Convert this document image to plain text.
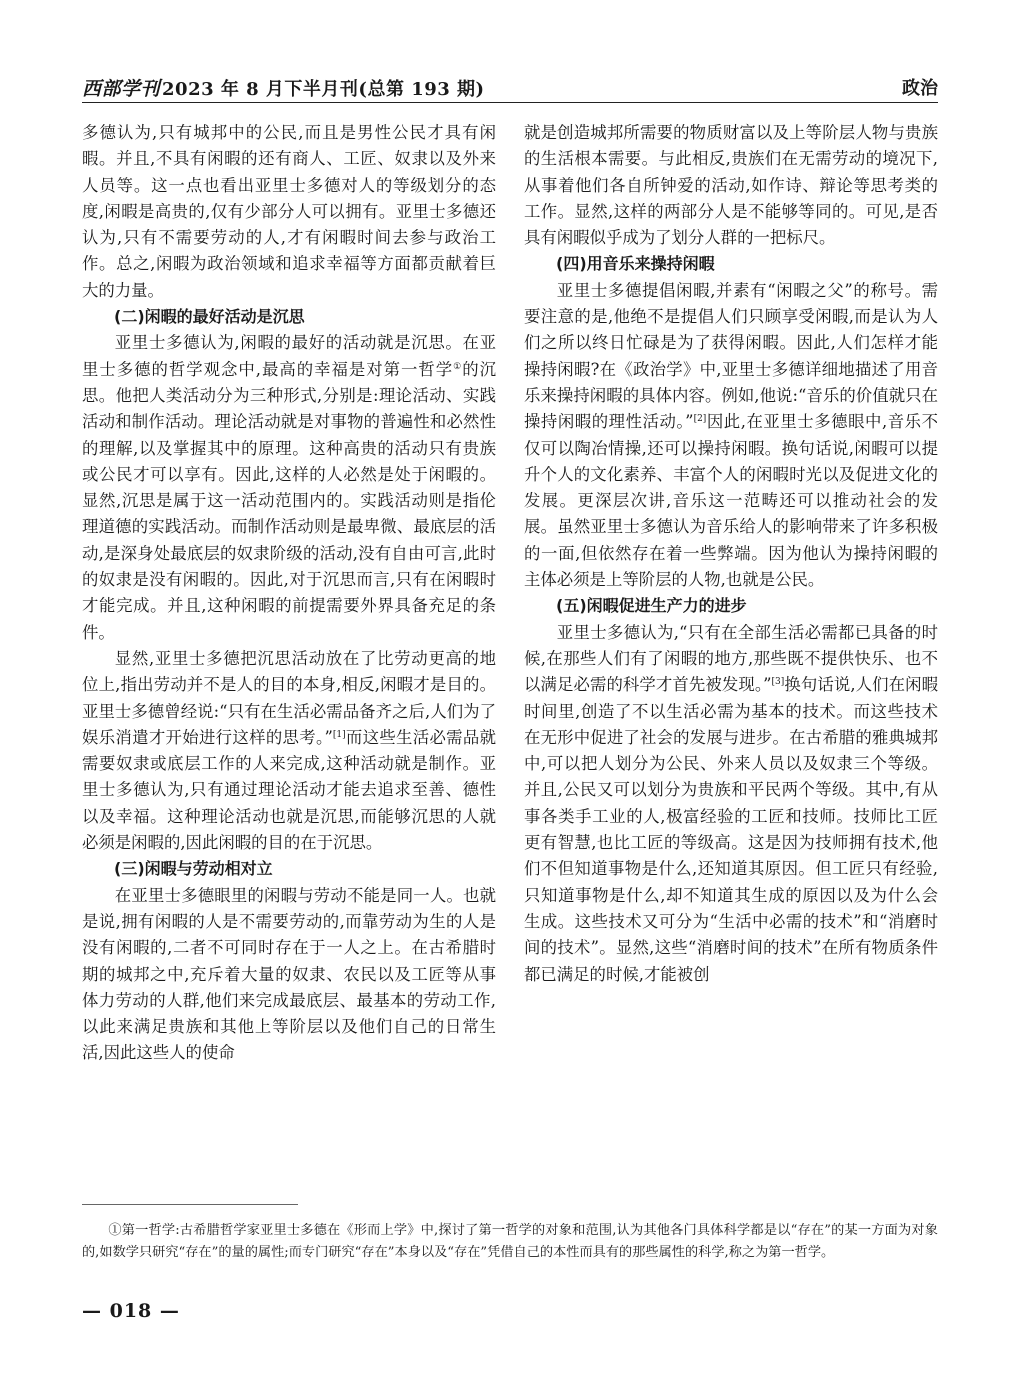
西部学刊 2023 年 8 月下半月刊(总第 193 期)	政治

多德认为,只有城邦中的公民,而且是男性公民才具有闲暇。并且,不具有闲暇的还有商人、工匠、奴隶以及外来人员等。这一点也看出亚里士多德对人的等级划分的态度,闲暇是高贵的,仅有少部分人可以拥有。亚里士多德还认为,只有不需要劳动的人,才有闲暇时间去参与政治工作。总之,闲暇为政治领域和追求幸福等方面都贡献着巨大的力量。

(二)闲暇的最好活动是沉思

亚里士多德认为,闲暇的最好的活动就是沉思。在亚里士多德的哲学观念中,最高的幸福是对第一哲学①的沉思。他把人类活动分为三种形式,分别是:理论活动、实践活动和制作活动。理论活动就是对事物的普遍性和必然性的理解,以及掌握其中的原理。这种高贵的活动只有贵族或公民才可以享有。因此,这样的人必然是处于闲暇的。显然,沉思是属于这一活动范围内的。实践活动则是指伦理道德的实践活动。而制作活动则是最卑微、最底层的活动,是深身处最底层的奴隶阶级的活动,没有自由可言,此时的奴隶是没有闲暇的。因此,对于沉思而言,只有在闲暇时才能完成。并且,这种闲暇的前提需要外界具备充足的条件。

显然,亚里士多德把沉思活动放在了比劳动更高的地位上,指出劳动并不是人的目的本身,相反,闲暇才是目的。亚里士多德曾经说:“只有在生活必需品备齐之后,人们为了娱乐消遣才开始进行这样的思考。”[1]而这些生活必需品就需要奴隶或底层工作的人来完成,这种活动就是制作。亚里士多德认为,只有通过理论活动才能去追求至善、德性以及幸福。这种理论活动也就是沉思,而能够沉思的人就必须是闲暇的,因此闲暇的目的在于沉思。

(三)闲暇与劳动相对立

在亚里士多德眼里的闲暇与劳动不能是同一人。也就是说,拥有闲暇的人是不需要劳动的,而靠劳动为生的人是没有闲暇的,二者不可同时存在于一人之上。在古希腊时期的城邦之中,充斥着大量的奴隶、农民以及工匠等从事体力劳动的人群,他们来完成最底层、最基本的劳动工作,以此来满足贵族和其他上等阶层以及他们自己的日常生活,因此这些人的使命

就是创造城邦所需要的物质财富以及上等阶层人物与贵族的生活根本需要。与此相反,贵族们在无需劳动的境况下,从事着他们各自所钟爱的活动,如作诗、辩论等思考类的工作。显然,这样的两部分人是不能够等同的。可见,是否具有闲暇似乎成为了划分人群的一把标尺。

(四)用音乐来操持闲暇

亚里士多德提倡闲暇,并素有“闲暇之父”的称号。需要注意的是,他绝不是提倡人们只顾享受闲暇,而是认为人们之所以终日忙碌是为了获得闲暇。因此,人们怎样才能操持闲暇?在《政治学》中,亚里士多德详细地描述了用音乐来操持闲暇的具体内容。例如,他说:“音乐的价值就只在操持闲暇的理性活动。”[2]因此,在亚里士多德眼中,音乐不仅可以陶冶情操,还可以操持闲暇。换句话说,闲暇可以提升个人的文化素养、丰富个人的闲暇时光以及促进文化的发展。更深层次讲,音乐这一范畴还可以推动社会的发展。虽然亚里士多德认为音乐给人的影响带来了许多积极的一面,但依然存在着一些弊端。因为他认为操持闲暇的主体必须是上等阶层的人物,也就是公民。

(五)闲暇促进生产力的进步

亚里士多德认为,“只有在全部生活必需都已具备的时候,在那些人们有了闲暇的地方,那些既不提供快乐、也不以满足必需的科学才首先被发现。”[3]换句话说,人们在闲暇时间里,创造了不以生活必需为基本的技术。而这些技术在无形中促进了社会的发展与进步。在古希腊的雅典城邦中,可以把人划分为公民、外来人员以及奴隶三个等级。并且,公民又可以划分为贵族和平民两个等级。其中,有从事各类手工业的人,极富经验的工匠和技师。技师比工匠更有智慧,也比工匠的等级高。这是因为技师拥有技术,他们不但知道事物是什么,还知道其原因。但工匠只有经验,只知道事物是什么,却不知道其生成的原因以及为什么会生成。这些技术又可分为“生活中必需的技术”和“消磨时间的技术”。显然,这些“消磨时间的技术”在所有物质条件都已满足的时候,才能被创

①第一哲学:古希腊哲学家亚里士多德在《形而上学》中,探讨了第一哲学的对象和范围,认为其他各门具体科学都是以“存在”的某一方面为对象的,如数学只研究“存在”的量的属性;而专门研究“存在”本身以及“存在”凭借自己的本性而具有的那些属性的科学,称之为第一哲学。

— 018 —
